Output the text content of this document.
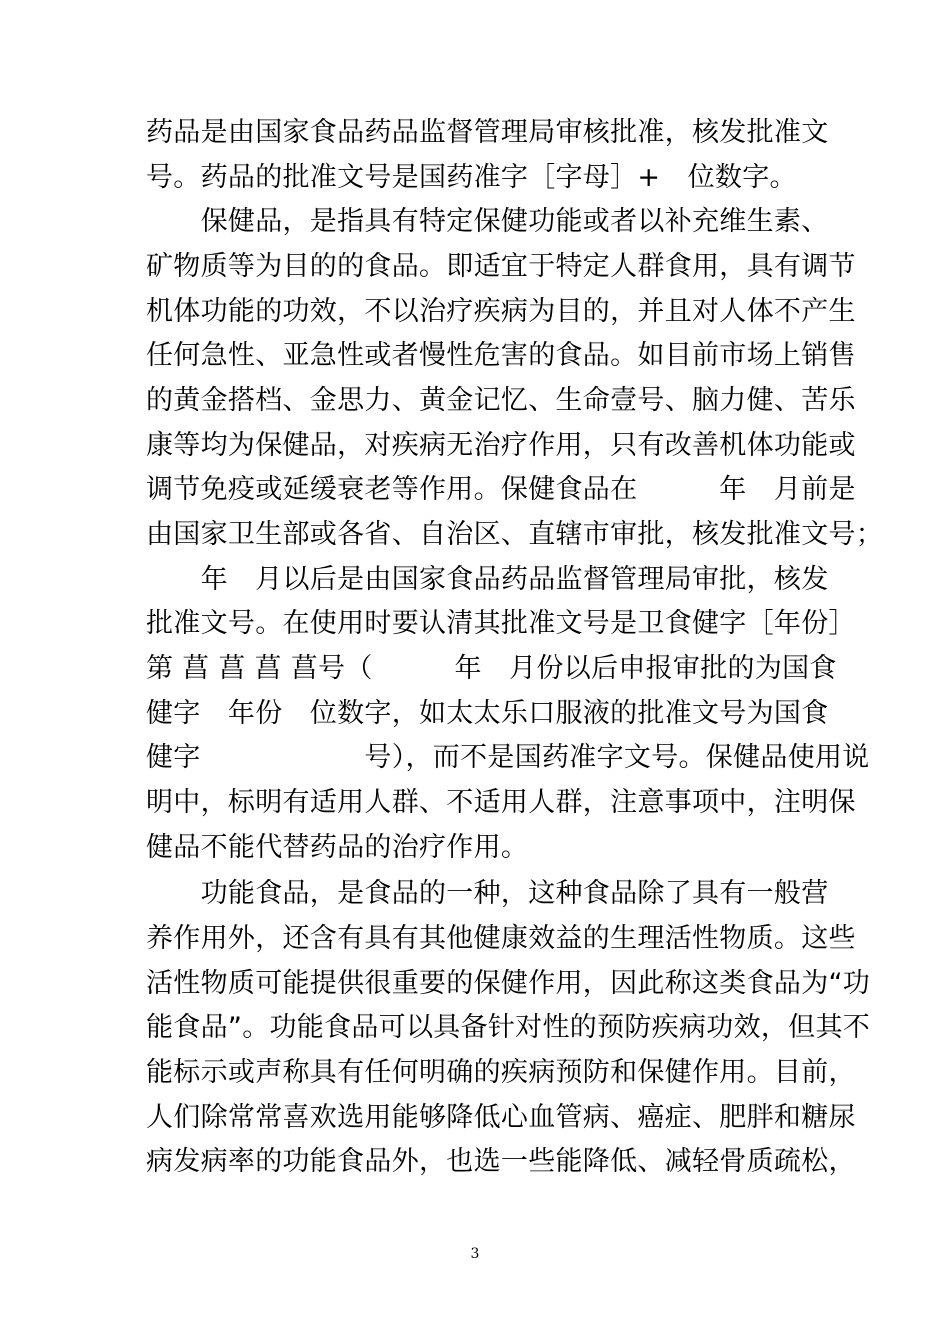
药品是由国家食品药品监督管理局审核批准，核发批准文

号。药品的批准文号是国药准字［字母］+　位数字。

　　保健品，是指具有特定保健功能或者以补充维生素、

矿物质等为目的的食品。即适宜于特定人群食用，具有调节

机体功能的功效，不以治疗疾病为目的，并且对人体不产生

任何急性、亚急性或者慢性危害的食品。如目前市场上销售

的黄金搭档、金思力、黄金记忆、生命壹号、脑力健、苦乐

康等均为保健品，对疾病无治疗作用，只有改善机体功能或

调节免疫或延缓衰老等作用。保健食品在　　　年　月前是

由国家卫生部或各省、自治区、直辖市审批，核发批准文号；

　　年　月以后是由国家食品药品监督管理局审批，核发

批准文号。在使用时要认清其批准文号是卫食健字［年份］

第 菖 菖 菖 菖号（　　　年　月份以后申报审批的为国食

健字　年份　位数字，如太太乐口服液的批准文号为国食

健字　　　　　　号），而不是国药准字文号。保健品使用说

明中，标明有适用人群、不适用人群，注意事项中，注明保

健品不能代替药品的治疗作用。

　　功能食品，是食品的一种，这种食品除了具有一般营

养作用外，还含有具有其他健康效益的生理活性物质。这些

活性物质可能提供很重要的保健作用，因此称这类食品为“功

能食品”。功能食品可以具备针对性的预防疾病功效，但其不

能标示或声称具有任何明确的疾病预防和保健作用。目前，

人们除常常喜欢选用能够降低心血管病、癌症、肥胖和糖尿

病发病率的功能食品外，也选一些能降低、减轻骨质疏松，

3
